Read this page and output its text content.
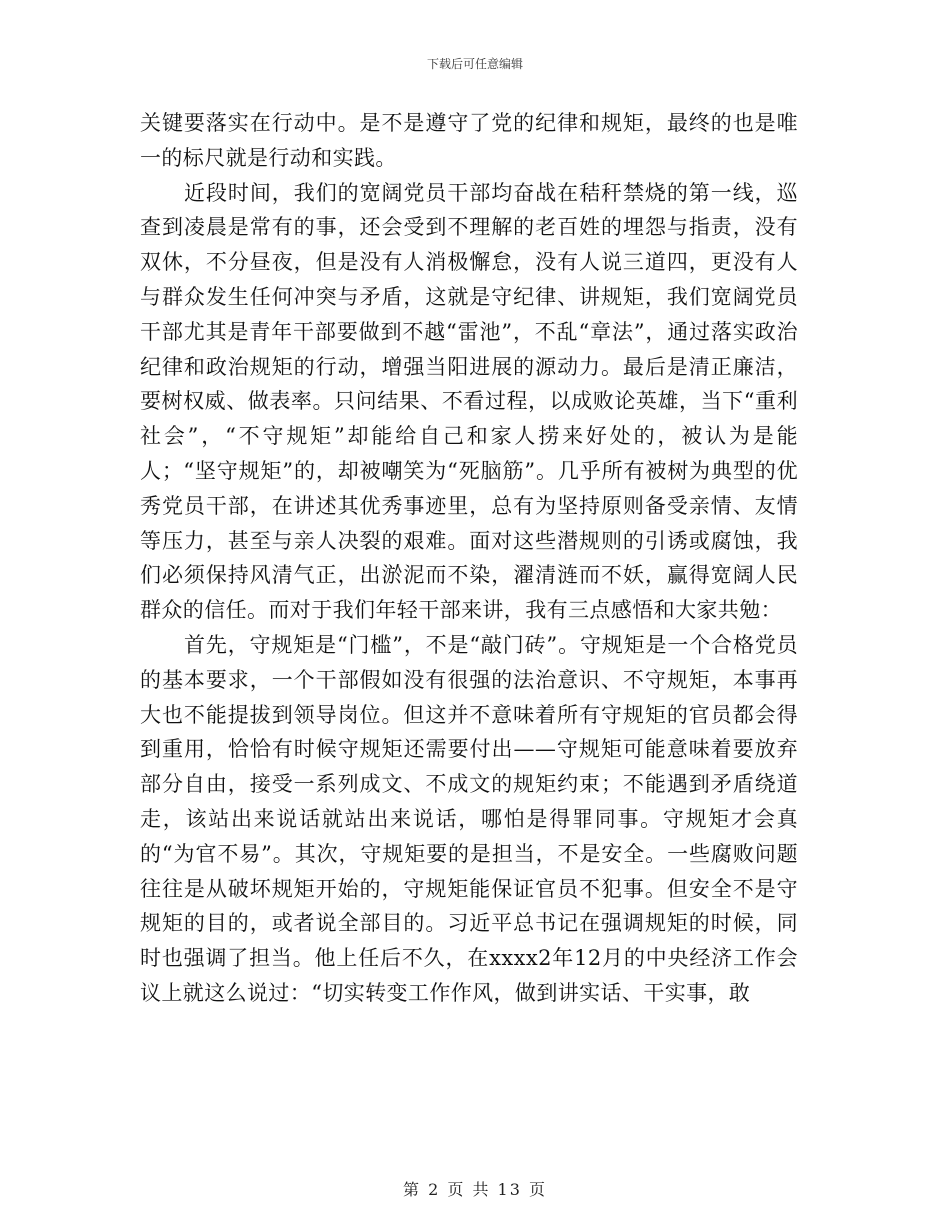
下载后可任意编辑

关键要落实在行动中。是不是遵守了党的纪律和规矩，最终的也是唯一的标尺就是行动和实践。

近段时间，我们的宽阔党员干部均奋战在秸秆禁烧的第一线，巡查到凌晨是常有的事，还会受到不理解的老百姓的埋怨与指责，没有双休，不分昼夜，但是没有人消极懈怠，没有人说三道四，更没有人与群众发生任何冲突与矛盾，这就是守纪律、讲规矩，我们宽阔党员干部尤其是青年干部要做到不越“雷池”，不乱“章法”，通过落实政治纪律和政治规矩的行动，增强当阳进展的源动力。最后是清正廉洁，要树权威、做表率。只问结果、不看过程，以成败论英雄，当下“重利社会”，“不守规矩”却能给自己和家人捞来好处的，被认为是能人；“坚守规矩”的，却被嘲笑为“死脑筋”。几乎所有被树为典型的优秀党员干部，在讲述其优秀事迹里，总有为坚持原则备受亲情、友情等压力，甚至与亲人决裂的艰难。面对这些潜规则的引诱或腐蚀，我们必须保持风清气正，出淤泥而不染，濯清涟而不妖，赢得宽阔人民群众的信任。而对于我们年轻干部来讲，我有三点感悟和大家共勉：

首先，守规矩是“门槛”，不是“敲门砖”。守规矩是一个合格党员的基本要求，一个干部假如没有很强的法治意识、不守规矩，本事再大也不能提拔到领导岗位。但这并不意味着所有守规矩的官员都会得到重用，恰恰有时候守规矩还需要付出——守规矩可能意味着要放弃部分自由，接受一系列成文、不成文的规矩约束；不能遇到矛盾绕道走，该站出来说话就站出来说话，哪怕是得罪同事。守规矩才会真的“为官不易”。其次，守规矩要的是担当，不是安全。一些腐败问题往往是从破坏规矩开始的，守规矩能保证官员不犯事。但安全不是守规矩的目的，或者说全部目的。习近平总书记在强调规矩的时候，同时也强调了担当。他上任后不久，在xxxx2年12月的中央经济工作会议上就这么说过：“切实转变工作作风，做到讲实话、干实事，敢

第 2 页 共 13 页
